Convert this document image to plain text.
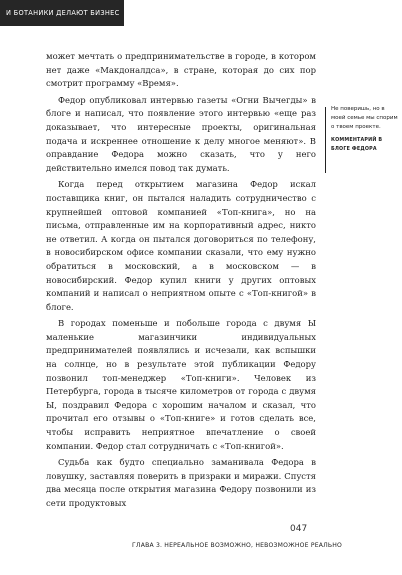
И БОТАНИКИ ДЕЛАЮТ БИЗНЕС

может мечтать о предпринимательстве в городе, в котором нет даже «Макдоналдса», в стране, которая до сих пор смотрит программу «Время».

Федор опубликовал интервью газеты «Огни Вычегды» в блоге и написал, что появление этого интервью «еще раз доказывает, что интересные проекты, оригинальная подача и искреннее отношение к делу многое меняют». В оправдание Федора можно сказать, что у него действительно имелся повод так думать.

Когда перед открытием магазина Федор искал поставщика книг, он пытался наладить сотрудничество с крупнейшей оптовой компанией «Топ-книга», но на письма, отправленные им на корпоративный адрес, никто не ответил. А когда он пытался договориться по телефону, в новосибирском офисе компании сказали, что ему нужно обратиться в московский, а в московском — в новосибирский. Федор купил книги у других оптовых компаний и написал о неприятном опыте с «Топ-книгой» в блоге.

В городах поменьше и побольше города с двумя Ы маленькие магазинчики индивидуальных предпринимателей появлялись и исчезали, как вспышки на солнце, но в результате этой публикации Федору позвонил топ-менеджер «Топ-книги». Человек из Петербурга, города в тысяче километров от города с двумя Ы, поздравил Федора с хорошим началом и сказал, что прочитал его отзывы о «Топ-книге» и готов сделать все, чтобы исправить неприятное впечатление о своей компании. Федор стал сотрудничать с «Топ-книгой».

Судьба как будто специально заманивала Федора в ловушку, заставляя поверить в призраки и миражи. Спустя два месяца после открытия магазина Федору позвонили из сети продуктовых

Не поверишь, но в моей семье мы спорим о твоем проекте.
КОММЕНТАРИЙ В БЛОГЕ ФЕДОРА
047
ГЛАВА 3. НЕРЕАЛЬНОЕ ВОЗМОЖНО, НЕВОЗМОЖНОЕ РЕАЛЬНО
